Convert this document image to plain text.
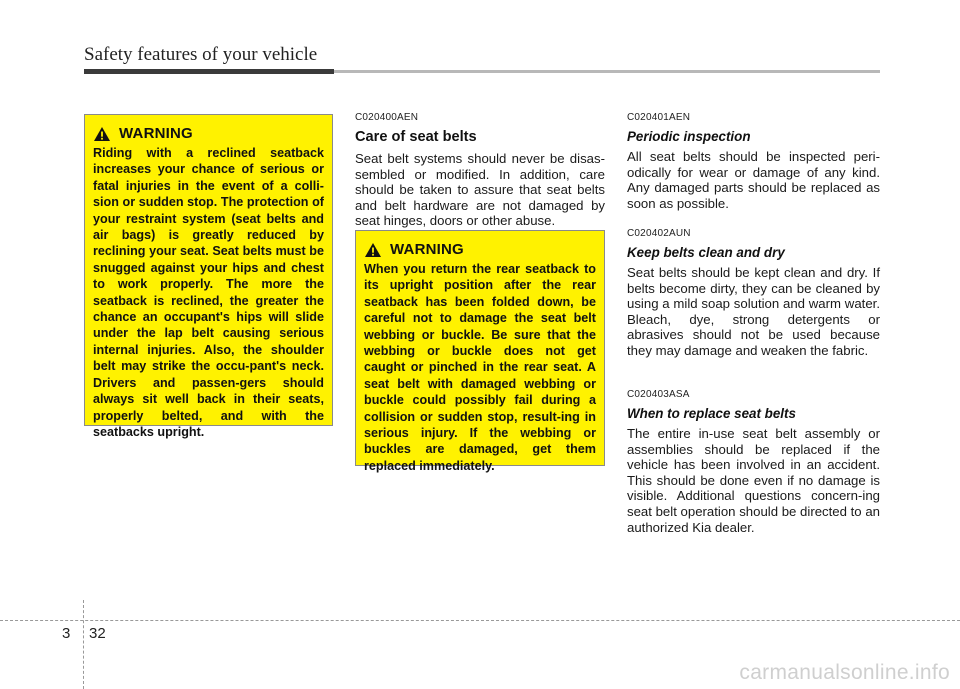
Safety features of your vehicle
WARNING

Riding with a reclined seatback increases your chance of serious or fatal injuries in the event of a colli-sion or sudden stop. The protection of your restraint system (seat belts and air bags) is greatly reduced by reclining your seat. Seat belts must be snugged against your hips and chest to work properly. The more the seatback is reclined, the greater the chance an occupant's hips will slide under the lap belt causing serious internal injuries. Also, the shoulder belt may strike the occu-pant's neck. Drivers and passen-gers should always sit well back in their seats, properly belted, and with the seatbacks upright.

C020400AEN

Care of seat belts

Seat belt systems should never be disas-sembled or modified. In addition, care should be taken to assure that seat belts and belt hardware are not damaged by seat hinges, doors or other abuse.

WARNING

When you return the rear seatback to its upright position after the rear seatback has been folded down, be careful not to damage the seat belt webbing or buckle. Be sure that the webbing or buckle does not get caught or pinched in the rear seat. A seat belt with damaged webbing or buckle could possibly fail during a collision or sudden stop, result-ing in serious injury. If the webbing or buckles are damaged, get them replaced immediately.

C020401AEN

Periodic inspection

All seat belts should be inspected peri-odically for wear or damage of any kind. Any damaged parts should be replaced as soon as possible.

C020402AUN

Keep belts clean and dry

Seat belts should be kept clean and dry. If belts become dirty, they can be cleaned by using a mild soap solution and warm water. Bleach, dye, strong detergents or abrasives should not be used because they may damage and weaken the fabric.

C020403ASA

When to replace seat belts

The entire in-use seat belt assembly or assemblies should be replaced if the vehicle has been involved in an accident. This should be done even if no damage is visible. Additional questions concern-ing seat belt operation should be directed to an authorized Kia dealer.

3 32
carmanualsonline.info
